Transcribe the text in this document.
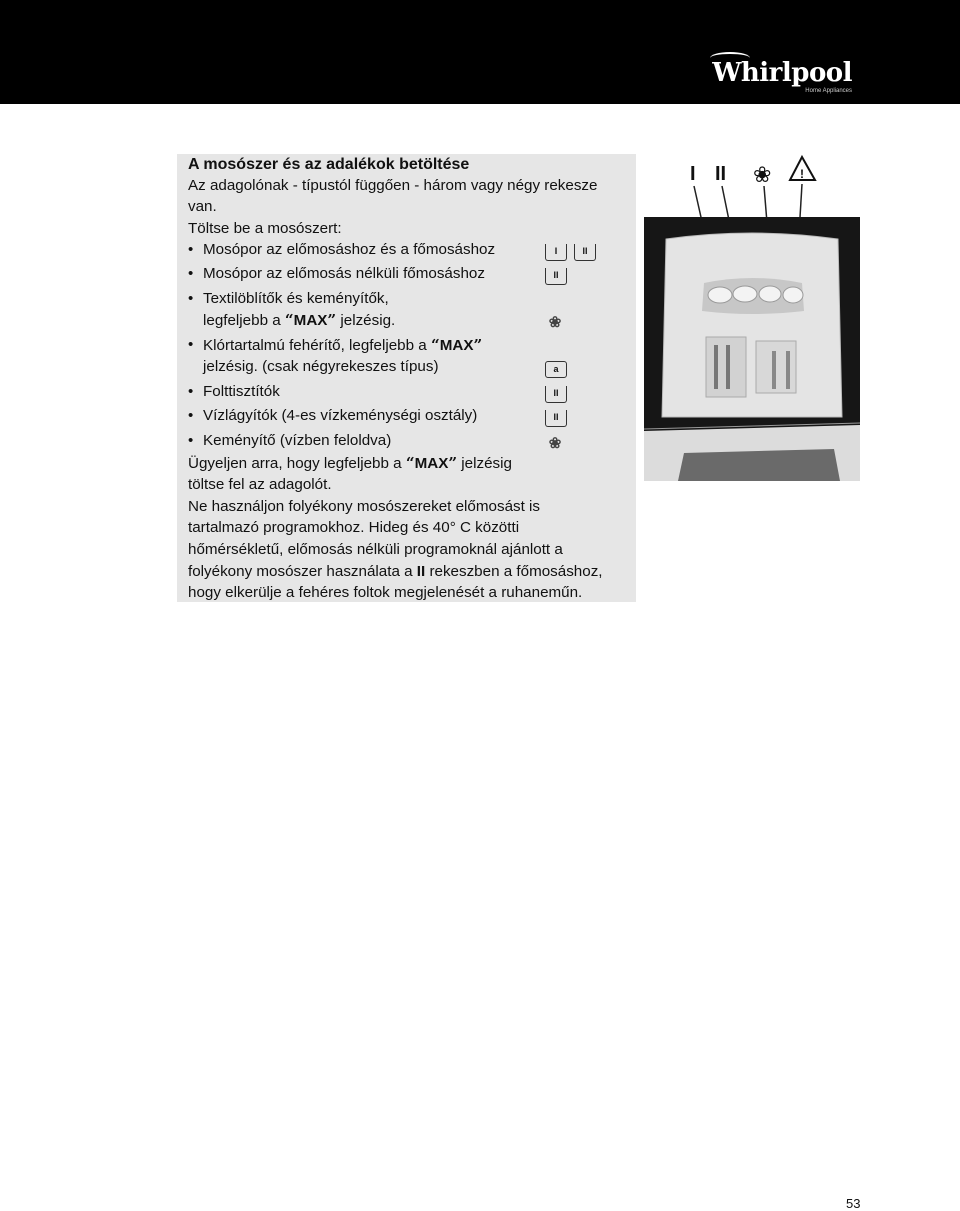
Whirlpool
Home Appliances
A mosószer és az adalékok betöltése
Az adagolónak - típustól függően - három vagy négy rekesze
van.
Töltse be a mosószert:
• Mosópor az előmosáshoz és a főmosáshoz	I	II
• Mosópor az előmosás nélküli főmosáshoz	II
• Textilöblítők és keményítők,
legfeljebb a “MAX” jelzésig.	❀
• Klórtartalmú fehérítő, legfeljebb a “MAX”
jelzésig. (csak négyrekeszes típus)	a
• Folttisztítók	II
• Vízlágyítók (4-es vízkeménységi osztály)	II
• Keményítő (vízben feloldva)	❀
Ügyeljen arra, hogy legfeljebb a “MAX” jelzésig
töltse fel az adagolót.
Ne használjon folyékony mosószereket előmosást is
tartalmazó programokhoz. Hideg és 40° C közötti
hőmérsékletű, előmosás nélküli programoknál ajánlott a
folyékony mosószer használata a II rekeszben a főmosáshoz,
hogy elkerülje a fehéres foltok megjelenését a ruhaneműn.
I II ❀ !
53
